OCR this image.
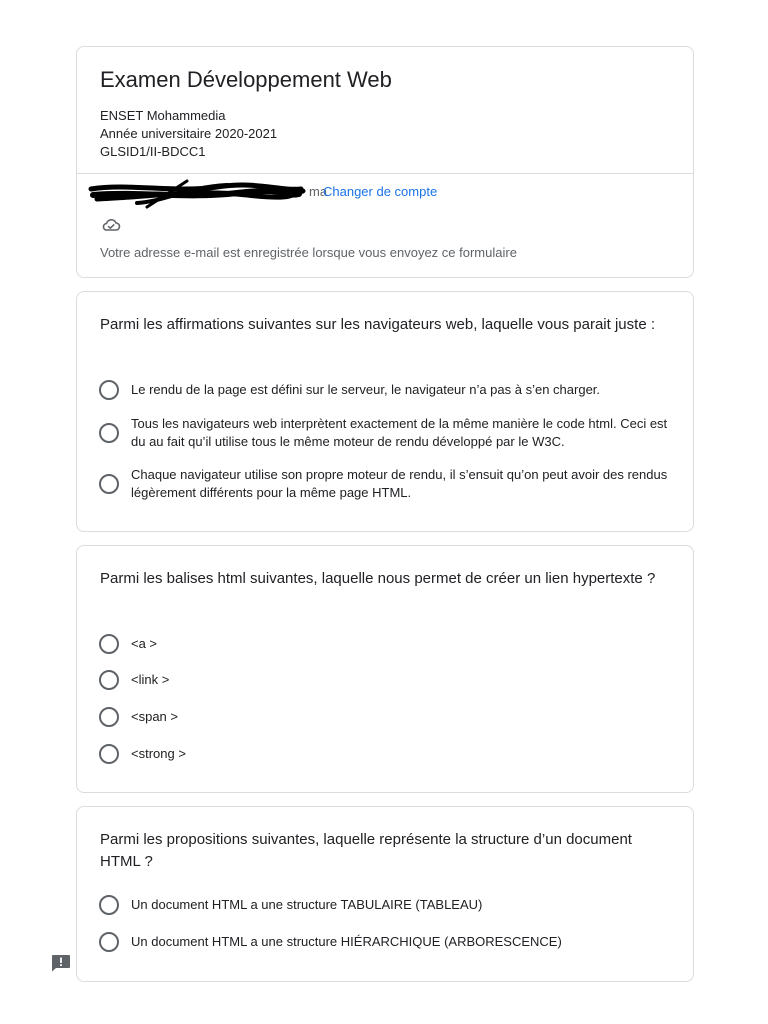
Examen Développement Web
ENSET Mohammedia
Année universitaire 2020-2021
GLSID1/II-BDCC1
ma
Changer de compte
Votre adresse e-mail est enregistrée lorsque vous envoyez ce formulaire
Parmi les affirmations suivantes sur les navigateurs web, laquelle vous parait juste :
Le rendu de la page est défini sur le serveur, le navigateur n’a pas à s’en charger.
Tous les navigateurs web interprètent exactement de la même manière le code html. Ceci est du au fait qu’il utilise tous le même moteur de rendu développé par le W3C.
Chaque navigateur utilise son propre moteur de rendu, il s’ensuit qu’on peut avoir des rendus légèrement différents pour la même page HTML.
Parmi les balises html suivantes, laquelle nous permet de créer un lien hypertexte ?
<a >
<link >
<span >
<strong >
Parmi les propositions suivantes, laquelle représente la structure d’un document HTML ?
Un document HTML a une structure TABULAIRE (TABLEAU)
Un document HTML a une structure HIÉRARCHIQUE (ARBORESCENCE)
